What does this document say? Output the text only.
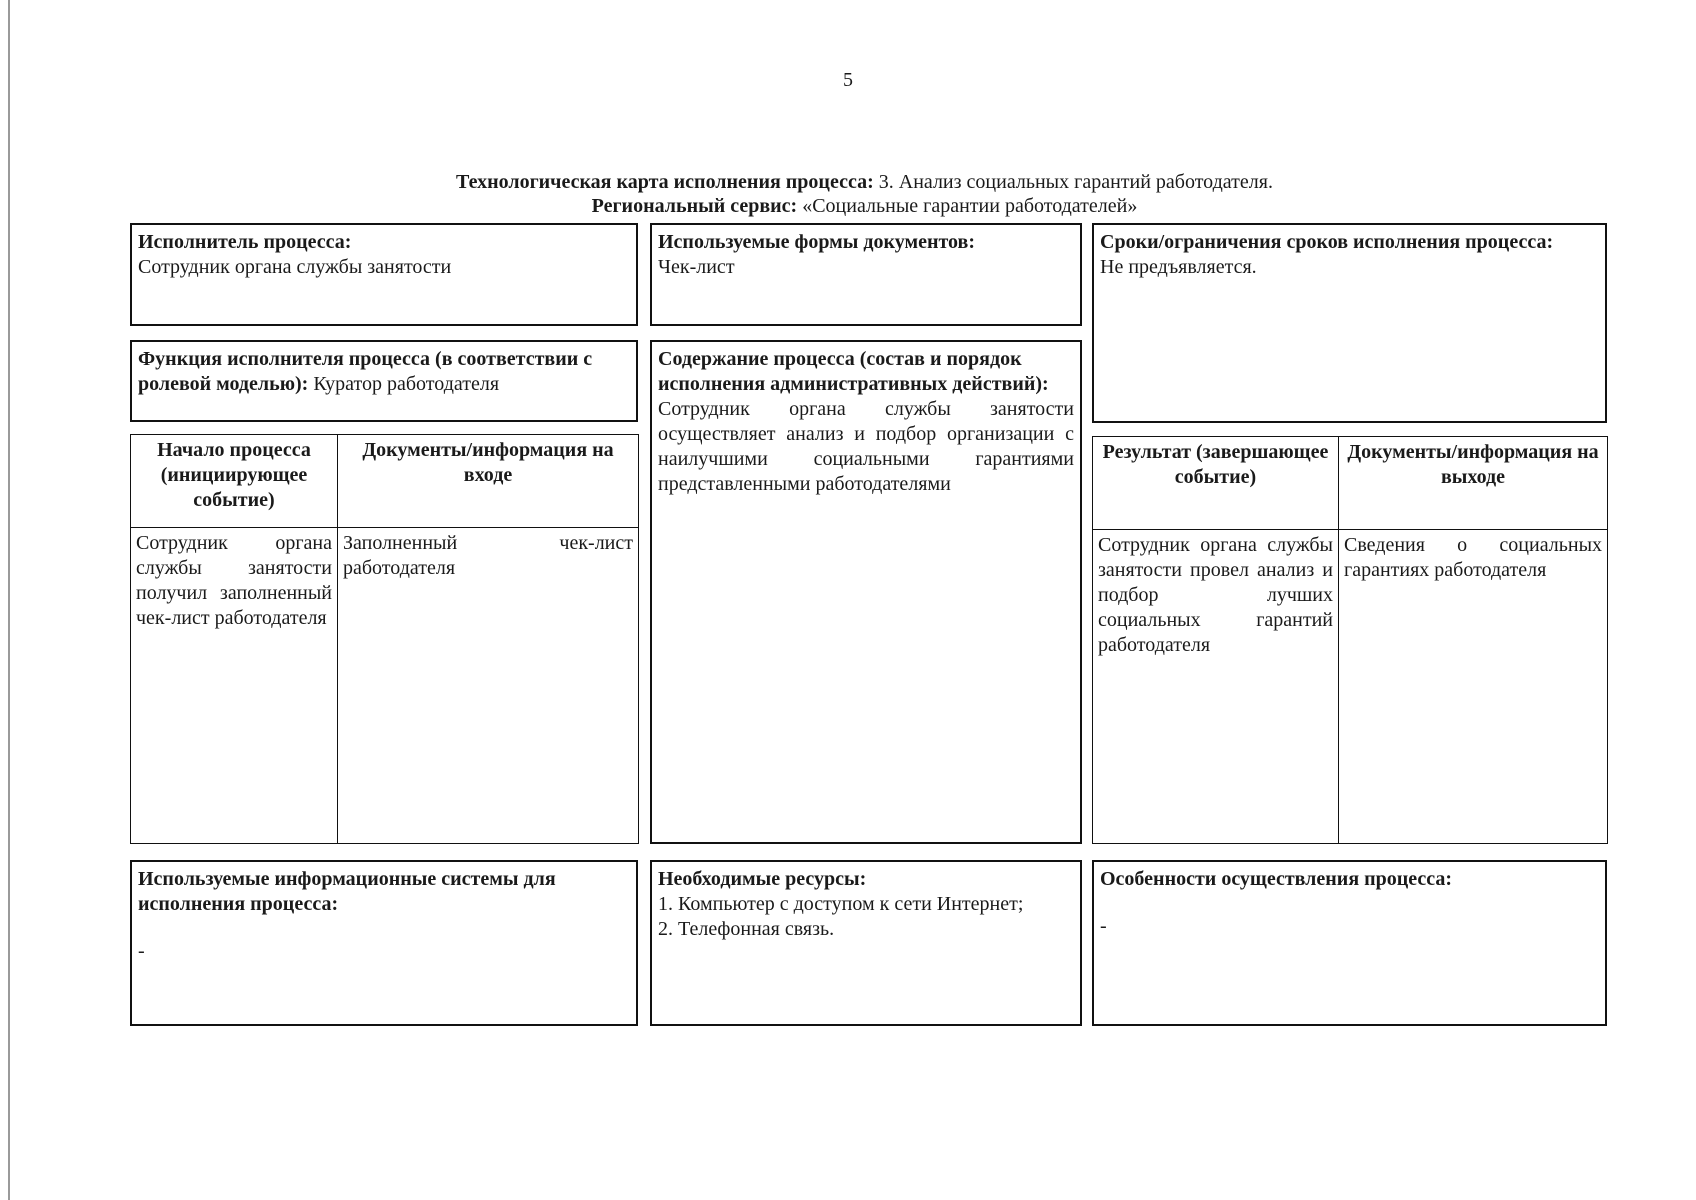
5
Технологическая карта исполнения процесса: 3. Анализ социальных гарантий работодателя.
Региональный сервис: «Социальные гарантии работодателей»
Исполнитель процесса:
Сотрудник органа службы занятости
Используемые формы документов:
Чек-лист
Сроки/ограничения сроков исполнения процесса:
Не предъявляется.
Функция исполнителя процесса (в соответствии с ролевой моделью): Куратор работодателя
Содержание процесса (состав и порядок исполнения административных действий):
Сотрудник органа службы занятости осуществляет анализ и подбор организации с наилучшими социальными гарантиями представленными работодателями
Начало процесса (инициирующее событие)	Документы/информация на входе
Сотрудник органа службы занятости получил заполненный чек-лист работодателя	Заполненный чек-лист работодателя
Результат (завершающее событие)	Документы/информация на выходе
Сотрудник органа службы занятости провел анализ и подбор лучших социальных гарантий работодателя	Сведения о социальных гарантиях работодателя
Используемые информационные системы для исполнения процесса:
-
Необходимые ресурсы:
1. Компьютер с доступом к сети Интернет;
2. Телефонная связь.
Особенности осуществления процесса:
-
